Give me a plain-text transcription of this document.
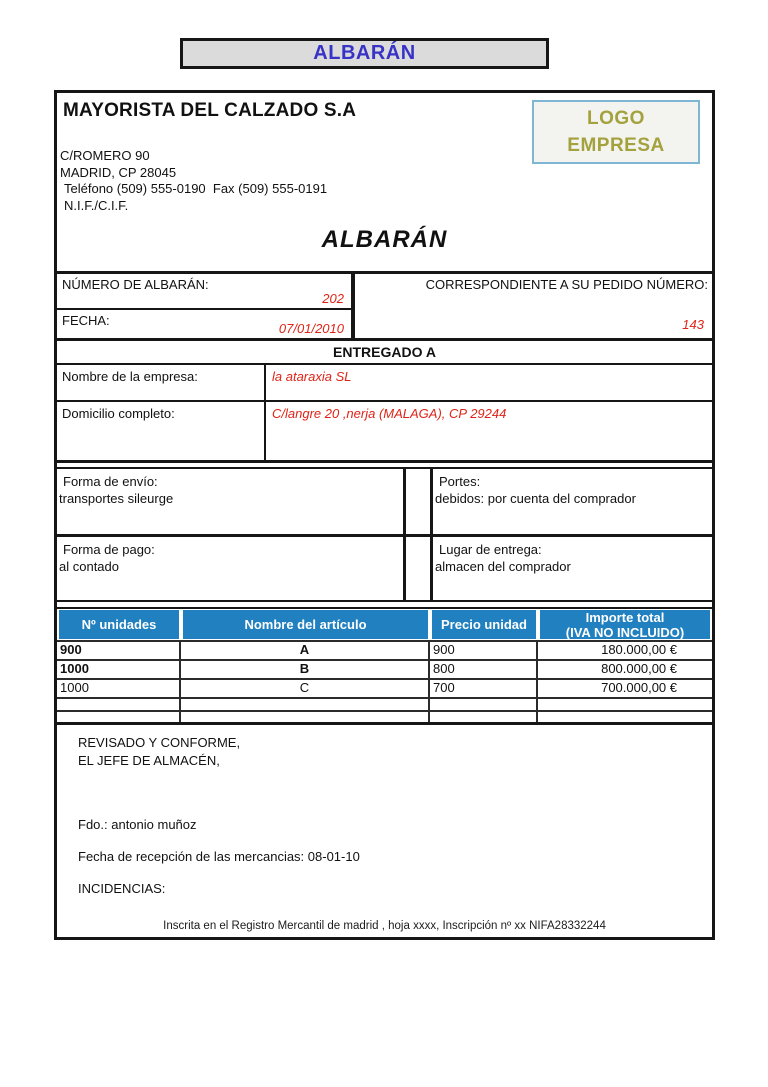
ALBARÁN
MAYORISTA DEL CALZADO S.A
C/ROMERO 90
MADRID, CP 28045
Teléfono (509) 555-0190  Fax (509) 555-0191
N.I.F./C.I.F.
LOGO
EMPRESA
ALBARÁN
NÚMERO DE ALBARÁN:
202
FECHA:
07/01/2010
CORRESPONDIENTE A SU PEDIDO NÚMERO:
143
ENTREGADO A
Nombre de la empresa:	la ataraxia SL
Domicilio completo:	C/langre 20 ,nerja (MALAGA), CP 29244
Forma de envío:
transportes sileurge
Portes:
debidos: por cuenta del comprador
Forma de pago:
al contado
Lugar de entrega:
almacen del comprador
Nº unidades	Nombre del artículo	Precio unidad	Importe total
(IVA NO INCLUIDO)
900	A	900	180.000,00 €
1000	B	800	800.000,00 €
1000	C	700	700.000,00 €
REVISADO Y CONFORME,
EL JEFE DE ALMACÉN,
Fdo.: antonio muñoz
Fecha de recepción de las mercancias: 08-01-10
INCIDENCIAS:
Inscrita en el Registro Mercantil de madrid , hoja xxxx, Inscripción nº xx NIFA28332244
